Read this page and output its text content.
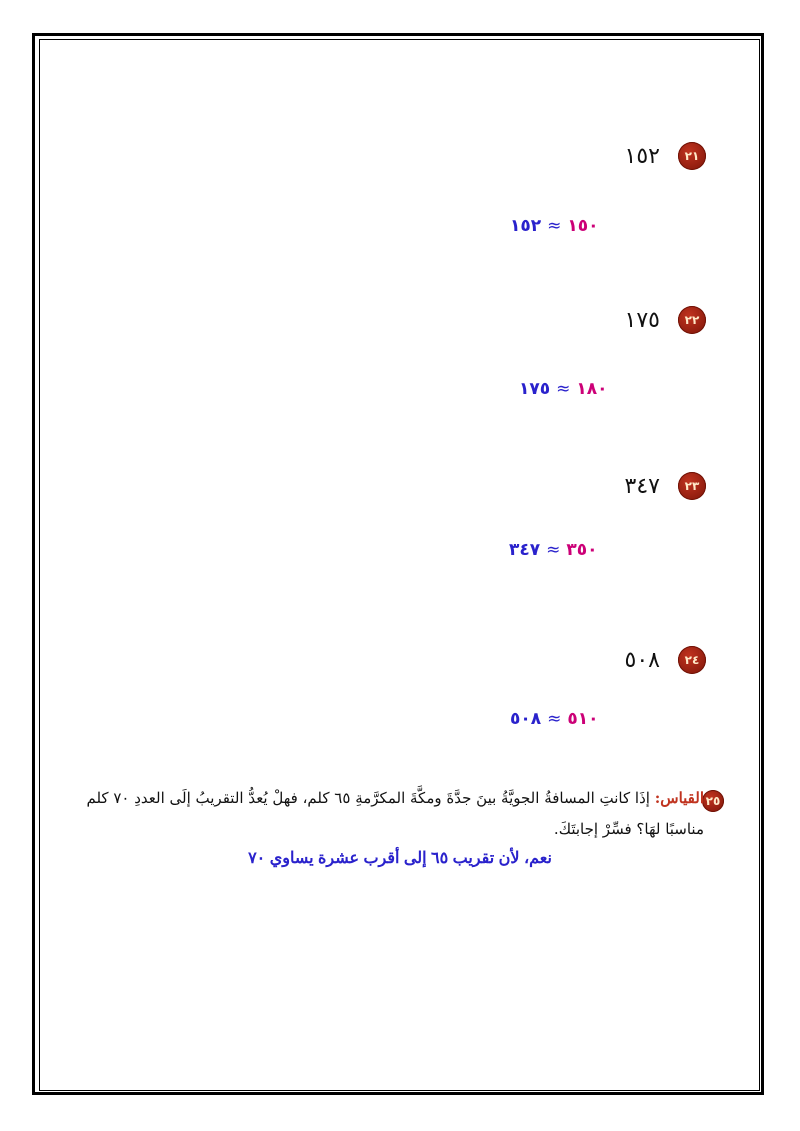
٢١
١٥٢
١٥٠≈١٥٢
٢٢
١٧٥
١٨٠≈١٧٥
٢٣
٣٤٧
٣٥٠≈٣٤٧
٢٤
٥٠٨
٥١٠≈٥٠٨
٢٥
القياس: إذَا كانتِ المسافةُ الجويَّةُ بينَ جدَّةَ ومكَّةَ المكرَّمةِ ٦٥ كلم، فهلْ يُعدُّ التقريبُ إلَى العددِ ٧٠ كلم مناسبًا لهَا؟ فسِّرْ إجابتَكَ.
نعم، لأن تقريب ٦٥ إلى أقرب عشرة يساوي ٧٠
